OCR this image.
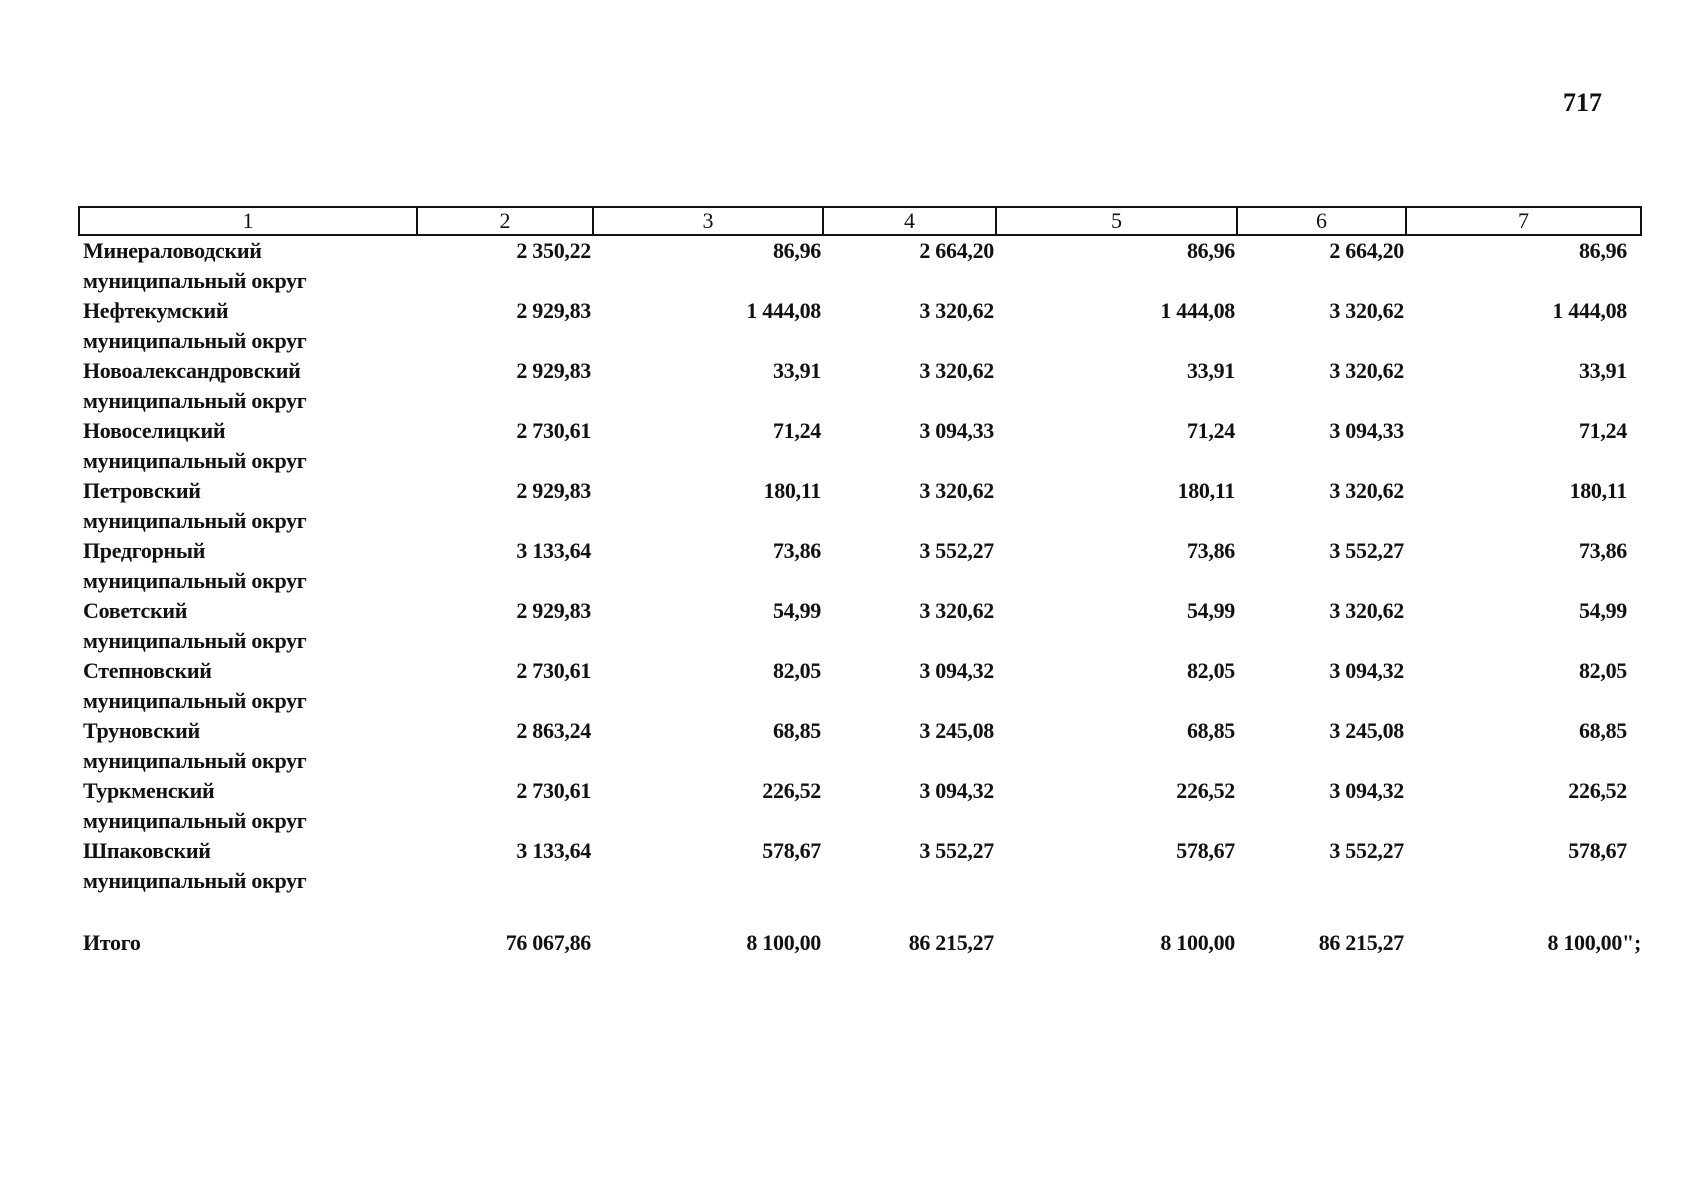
717
1	2	3	4	5	6	7

Минераловодский
муниципальный округ	2 350,22	86,96	2 664,20	86,96	2 664,20	86,96

Нефтекумский
муниципальный округ	2 929,83	1 444,08	3 320,62	1 444,08	3 320,62	1 444,08

Новоалександровский
муниципальный округ	2 929,83	33,91	3 320,62	33,91	3 320,62	33,91

Новоселицкий
муниципальный округ	2 730,61	71,24	3 094,33	71,24	3 094,33	71,24

Петровский
муниципальный округ	2 929,83	180,11	3 320,62	180,11	3 320,62	180,11

Предгорный
муниципальный округ	3 133,64	73,86	3 552,27	73,86	3 552,27	73,86

Советский
муниципальный округ	2 929,83	54,99	3 320,62	54,99	3 320,62	54,99

Степновский
муниципальный округ	2 730,61	82,05	3 094,32	82,05	3 094,32	82,05

Труновский
муниципальный округ	2 863,24	68,85	3 245,08	68,85	3 245,08	68,85

Туркменский
муниципальный округ	2 730,61	226,52	3 094,32	226,52	3 094,32	226,52

Шпаковский
муниципальный округ	3 133,64	578,67	3 552,27	578,67	3 552,27	578,67

Итого	76 067,86	8 100,00	86 215,27	8 100,00	86 215,27	8 100,00";
